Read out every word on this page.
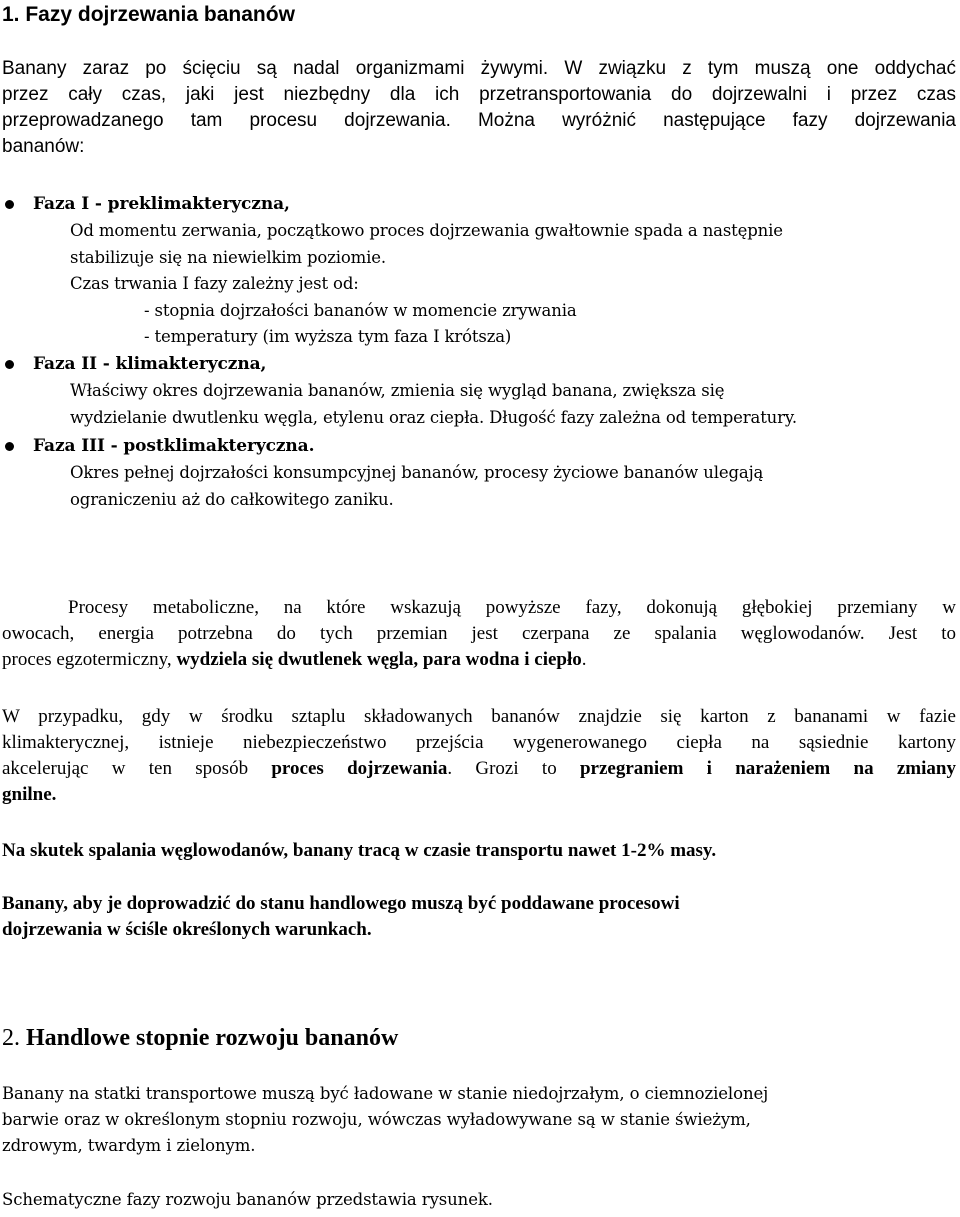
1. Fazy dojrzewania bananów
Banany zaraz po ścięciu są nadal organizmami żywymi. W związku z tym muszą one oddychać
przez cały czas, jaki jest niezbędny dla ich przetransportowania do dojrzewalni i przez czas
przeprowadzanego tam procesu dojrzewania. Można wyróżnić następujące fazy dojrzewania
bananów:
Faza I - preklimakteryczna,
Od momentu zerwania, początkowo proces dojrzewania gwałtownie spada a następnie
stabilizuje się na niewielkim poziomie.
Czas trwania I fazy zależny jest od:
- stopnia dojrzałości bananów w momencie zrywania
- temperatury (im wyższa tym faza I krótsza)
Faza II - klimakteryczna,
Właściwy okres dojrzewania bananów, zmienia się wygląd banana, zwiększa się
wydzielanie dwutlenku węgla, etylenu oraz ciepła. Długość fazy zależna od temperatury.
Faza III - postklimakteryczna.
Okres pełnej dojrzałości konsumpcyjnej bananów, procesy życiowe bananów ulegają
ograniczeniu aż do całkowitego zaniku.
Procesy metaboliczne, na które wskazują powyższe fazy, dokonują głębokiej przemiany w
owocach, energia potrzebna do tych przemian jest czerpana ze spalania węglowodanów. Jest to
proces egzotermiczny, wydziela się dwutlenek węgla, para wodna i ciepło.
W przypadku, gdy w środku sztaplu składowanych bananów znajdzie się karton z bananami w fazie
klimakterycznej, istnieje niebezpieczeństwo przejścia wygenerowanego ciepła na sąsiednie kartony
akcelerując w ten sposób proces dojrzewania. Grozi to przegraniem i narażeniem na zmiany
gnilne.
Na skutek spalania węglowodanów, banany tracą w czasie transportu nawet 1-2% masy.
Banany, aby je doprowadzić do stanu handlowego muszą być poddawane procesowi
dojrzewania w ściśle określonych warunkach.
2. Handlowe stopnie rozwoju bananów
Banany na statki transportowe muszą być ładowane w stanie niedojrzałym, o ciemnozielonej
barwie oraz w określonym stopniu rozwoju, wówczas wyładowywane są w stanie świeżym,
zdrowym, twardym i zielonym.
Schematyczne fazy rozwoju bananów przedstawia rysunek.
